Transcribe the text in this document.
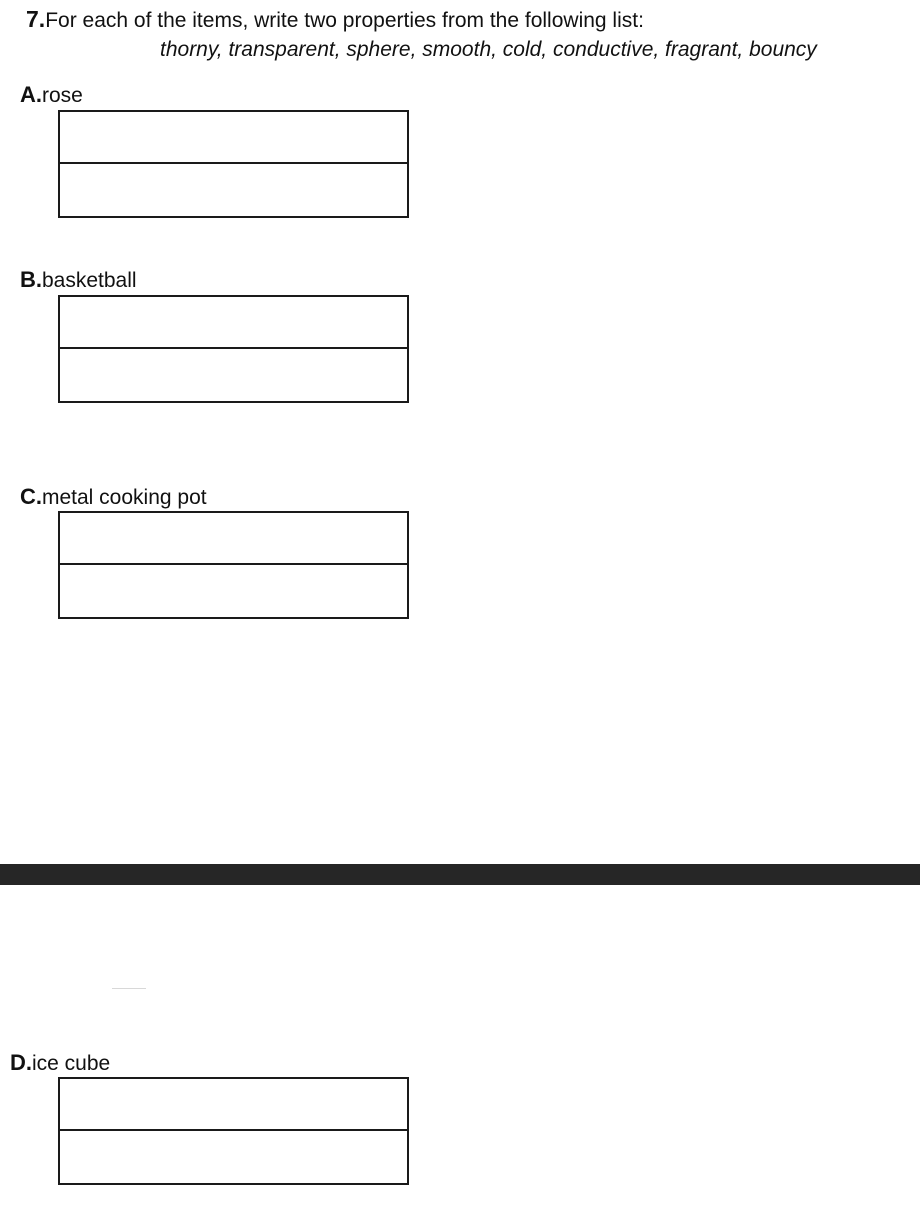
7.For each of the items, write two properties from the following list:
thorny, transparent, sphere, smooth, cold, conductive, fragrant, bouncy
A.rose
B.basketball
C.metal cooking pot
D.ice cube
